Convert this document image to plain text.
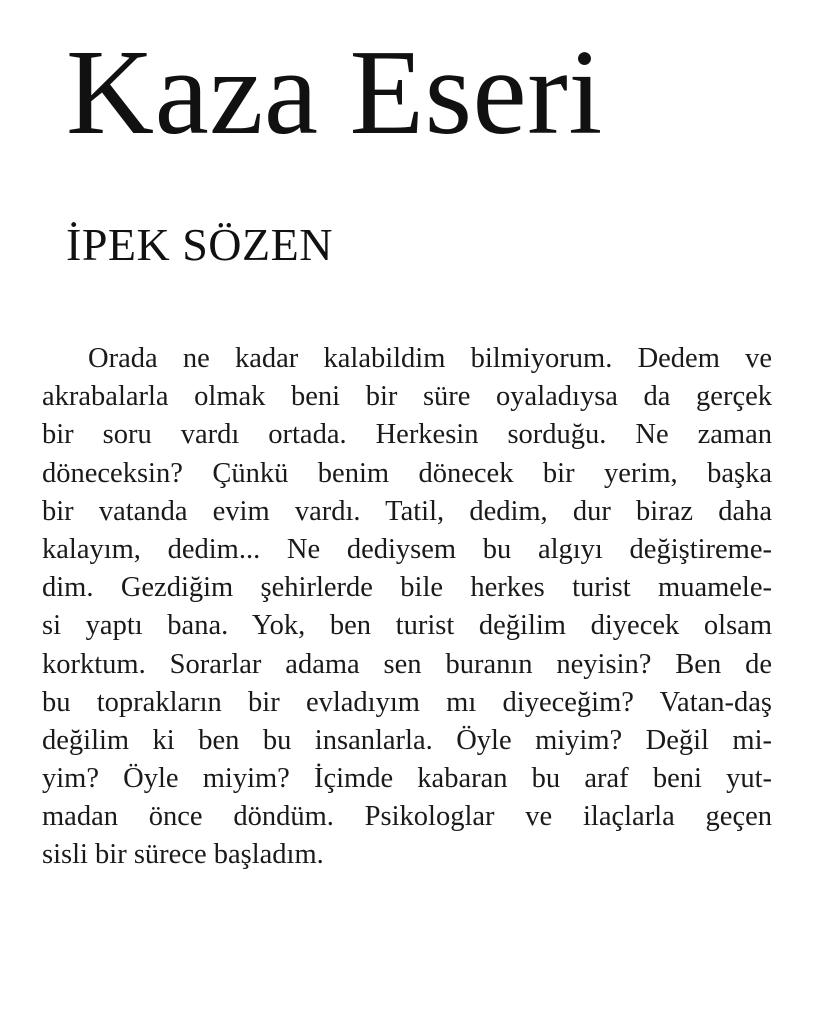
Kaza Eseri
İPEK SÖZEN
Orada ne kadar kalabildim bilmiyorum. Dedem ve
akrabalarla olmak beni bir süre oyaladıysa da gerçek
bir soru vardı ortada. Herkesin sorduğu. Ne zaman
döneceksin? Çünkü benim dönecek bir yerim, başka
bir vatanda evim vardı. Tatil, dedim, dur biraz daha
kalayım, dedim... Ne dediysem bu algıyı değiştireme-
dim. Gezdiğim şehirlerde bile herkes turist muamele-
si yaptı bana. Yok, ben turist değilim diyecek olsam
korktum. Sorarlar adama sen buranın neyisin? Ben de
bu toprakların bir evladıyım mı diyeceğim? Vatan-daş
değilim ki ben bu insanlarla. Öyle miyim? Değil mi-
yim? Öyle miyim? İçimde kabaran bu araf beni yut-
madan önce döndüm. Psikologlar ve ilaçlarla geçen
sisli bir sürece başladım.
